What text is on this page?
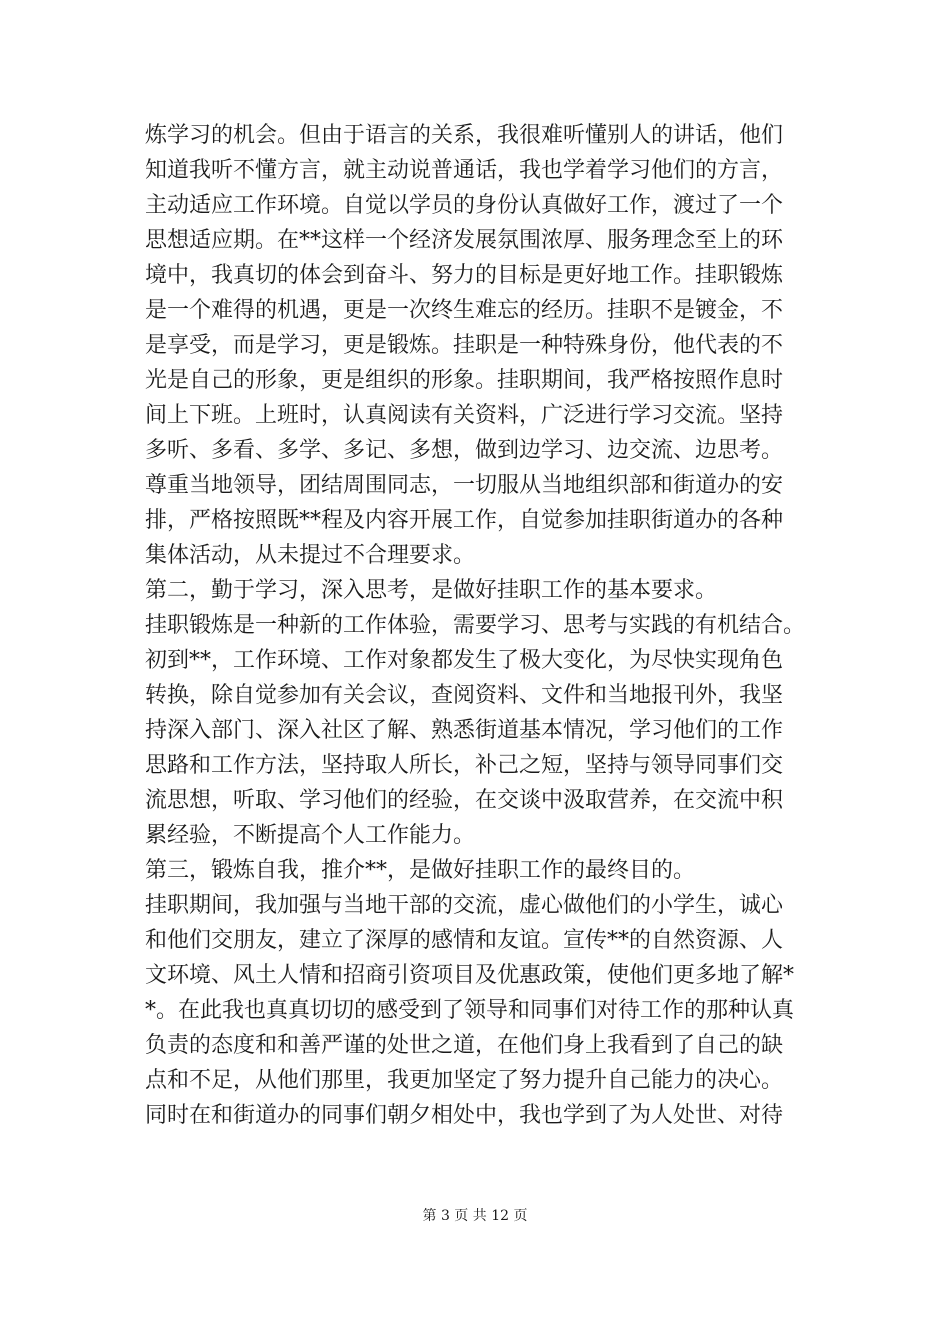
炼学习的机会。但由于语言的关系，我很难听懂别人的讲话，他们
知道我听不懂方言，就主动说普通话，我也学着学习他们的方言，
主动适应工作环境。自觉以学员的身份认真做好工作，渡过了一个
思想适应期。在**这样一个经济发展氛围浓厚、服务理念至上的环
境中，我真切的体会到奋斗、努力的目标是更好地工作。挂职锻炼
是一个难得的机遇，更是一次终生难忘的经历。挂职不是镀金，不
是享受，而是学习，更是锻炼。挂职是一种特殊身份，他代表的不
光是自己的形象，更是组织的形象。挂职期间，我严格按照作息时
间上下班。上班时，认真阅读有关资料，广泛进行学习交流。坚持
多听、多看、多学、多记、多想，做到边学习、边交流、边思考。
尊重当地领导，团结周围同志，一切服从当地组织部和街道办的安
排，严格按照既**程及内容开展工作，自觉参加挂职街道办的各种
集体活动，从未提过不合理要求。
第二，勤于学习，深入思考，是做好挂职工作的基本要求。
挂职锻炼是一种新的工作体验，需要学习、思考与实践的有机结合。
初到**，工作环境、工作对象都发生了极大变化，为尽快实现角色
转换，除自觉参加有关会议，查阅资料、文件和当地报刊外，我坚
持深入部门、深入社区了解、熟悉街道基本情况，学习他们的工作
思路和工作方法，坚持取人所长，补己之短，坚持与领导同事们交
流思想，听取、学习他们的经验，在交谈中汲取营养，在交流中积
累经验，不断提高个人工作能力。
第三，锻炼自我，推介**，是做好挂职工作的最终目的。
挂职期间，我加强与当地干部的交流，虚心做他们的小学生，诚心
和他们交朋友，建立了深厚的感情和友谊。宣传**的自然资源、人
文环境、风土人情和招商引资项目及优惠政策，使他们更多地了解*
*。在此我也真真切切的感受到了领导和同事们对待工作的那种认真
负责的态度和和善严谨的处世之道，在他们身上我看到了自己的缺
点和不足，从他们那里，我更加坚定了努力提升自己能力的决心。
同时在和街道办的同事们朝夕相处中，我也学到了为人处世、对待
第 3 页 共 12 页
